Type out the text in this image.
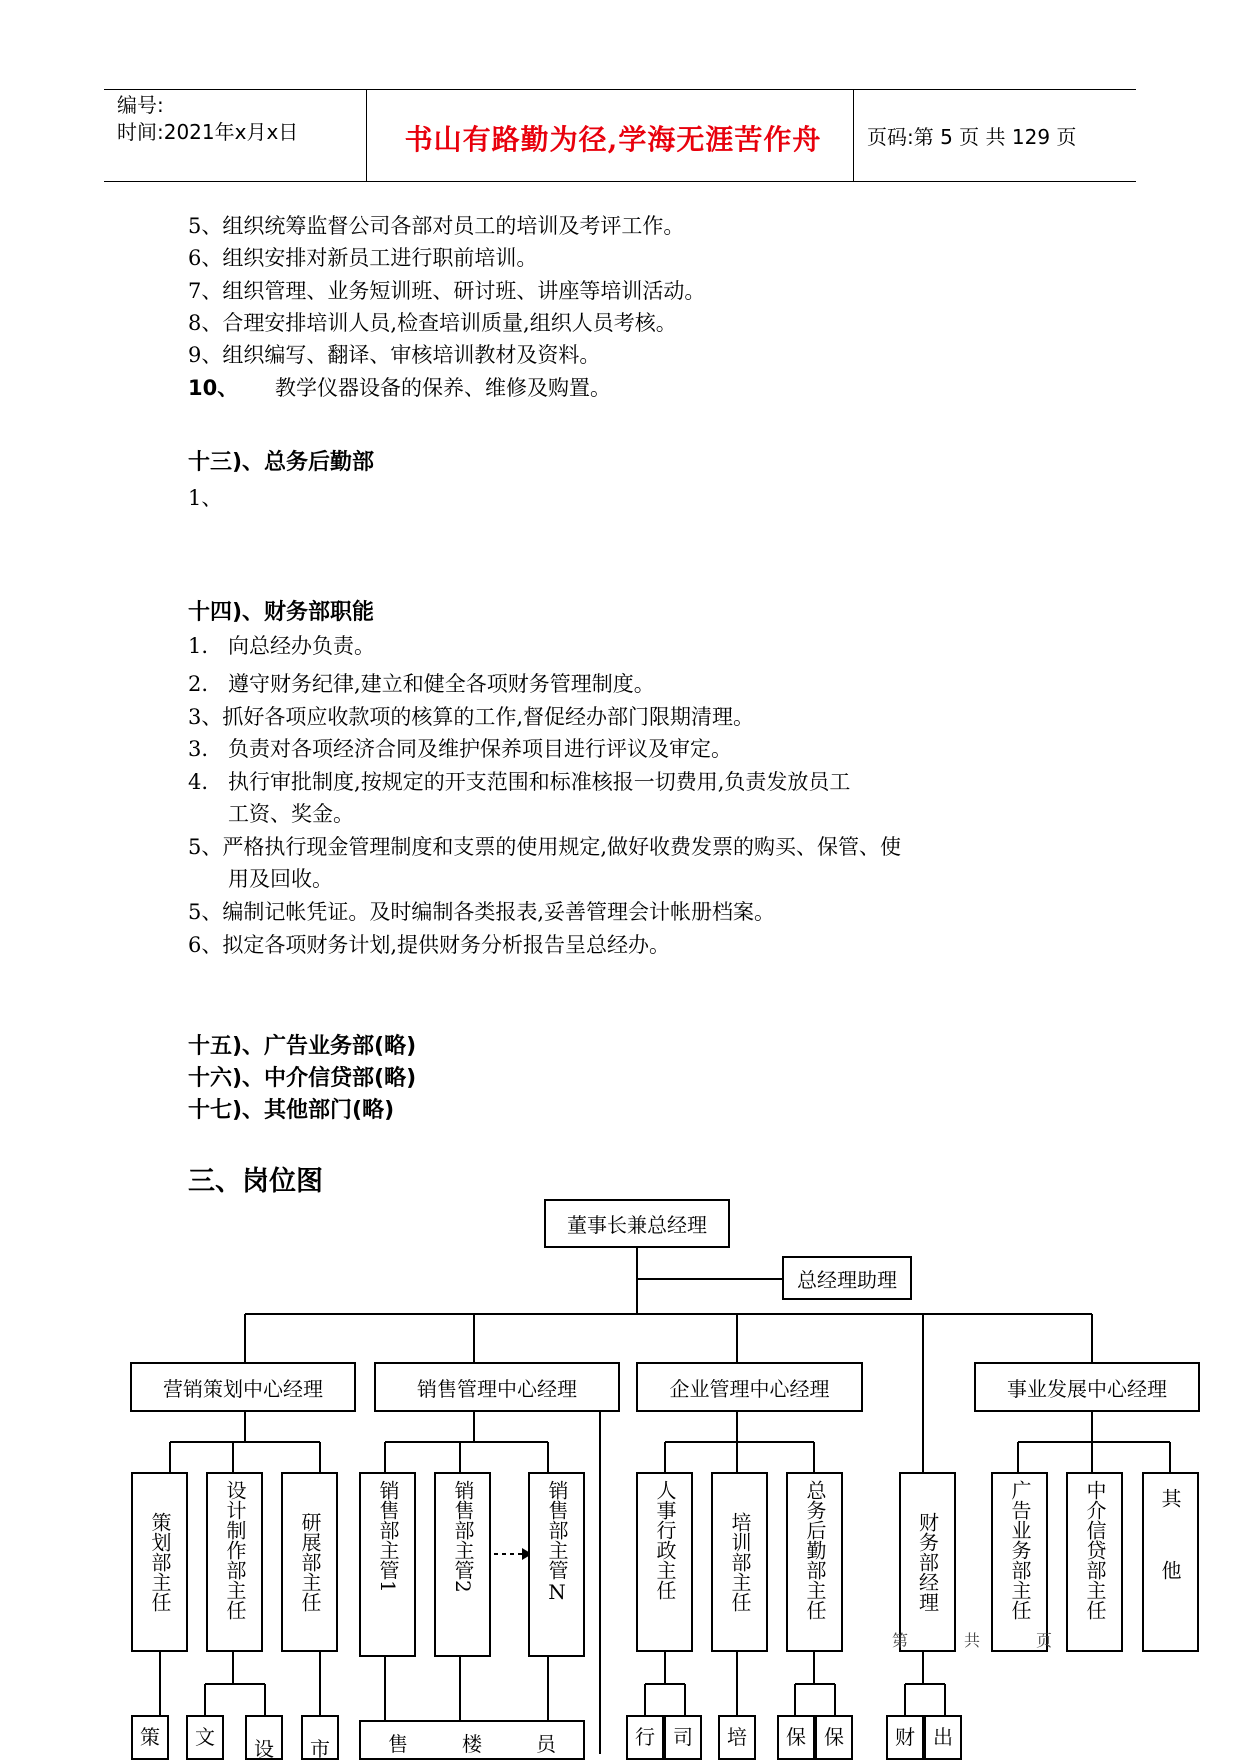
编号:
时间:2021年x月x日	书山有路勤为径,学海无涯苦作舟	页码:第 5 页 共 129 页
5、组织统筹监督公司各部对员工的培训及考评工作。
6、组织安排对新员工进行职前培训。
7、组织管理、业务短训班、研讨班、讲座等培训活动。
8、合理安排培训人员,检查培训质量,组织人员考核。
9、组织编写、翻译、审核培训教材及资料。
10、 教学仪器设备的保养、维修及购置。
十三)、总务后勤部
1、
十四)、财务部职能
1.   向总经办负责。
2.   遵守财务纪律,建立和健全各项财务管理制度。
3、抓好各项应收款项的核算的工作,督促经办部门限期清理。
3.   负责对各项经济合同及维护保养项目进行评议及审定。
4.   执行审批制度,按规定的开支范围和标准核报一切费用,负责发放员工
工资、奖金。
5、严格执行现金管理制度和支票的使用规定,做好收费发票的购买、保管、使
用及回收。
5、编制记帐凭证。及时编制各类报表,妥善管理会计帐册档案。
6、拟定各项财务计划,提供财务分析报告呈总经办。
十五)、广告业务部(略)
十六)、中介信贷部(略)
十七)、其他部门(略)
三、岗位图
董事长兼总经理
总经理助理
营销策划中心经理	销售管理中心经理	企业管理中心经理	事业发展中心经理
策划部主任	设计制作部主任	研展部主任	销售部主管1	销售部主管2	销售部主管N	人事行政主任	培训部主任	总务后勤部主任	财务部经理	广告业务部主任	中介信贷部主任	其他
第	共	页
策 文 设 市	售	楼	员	行 司 培 保 保	财 出
